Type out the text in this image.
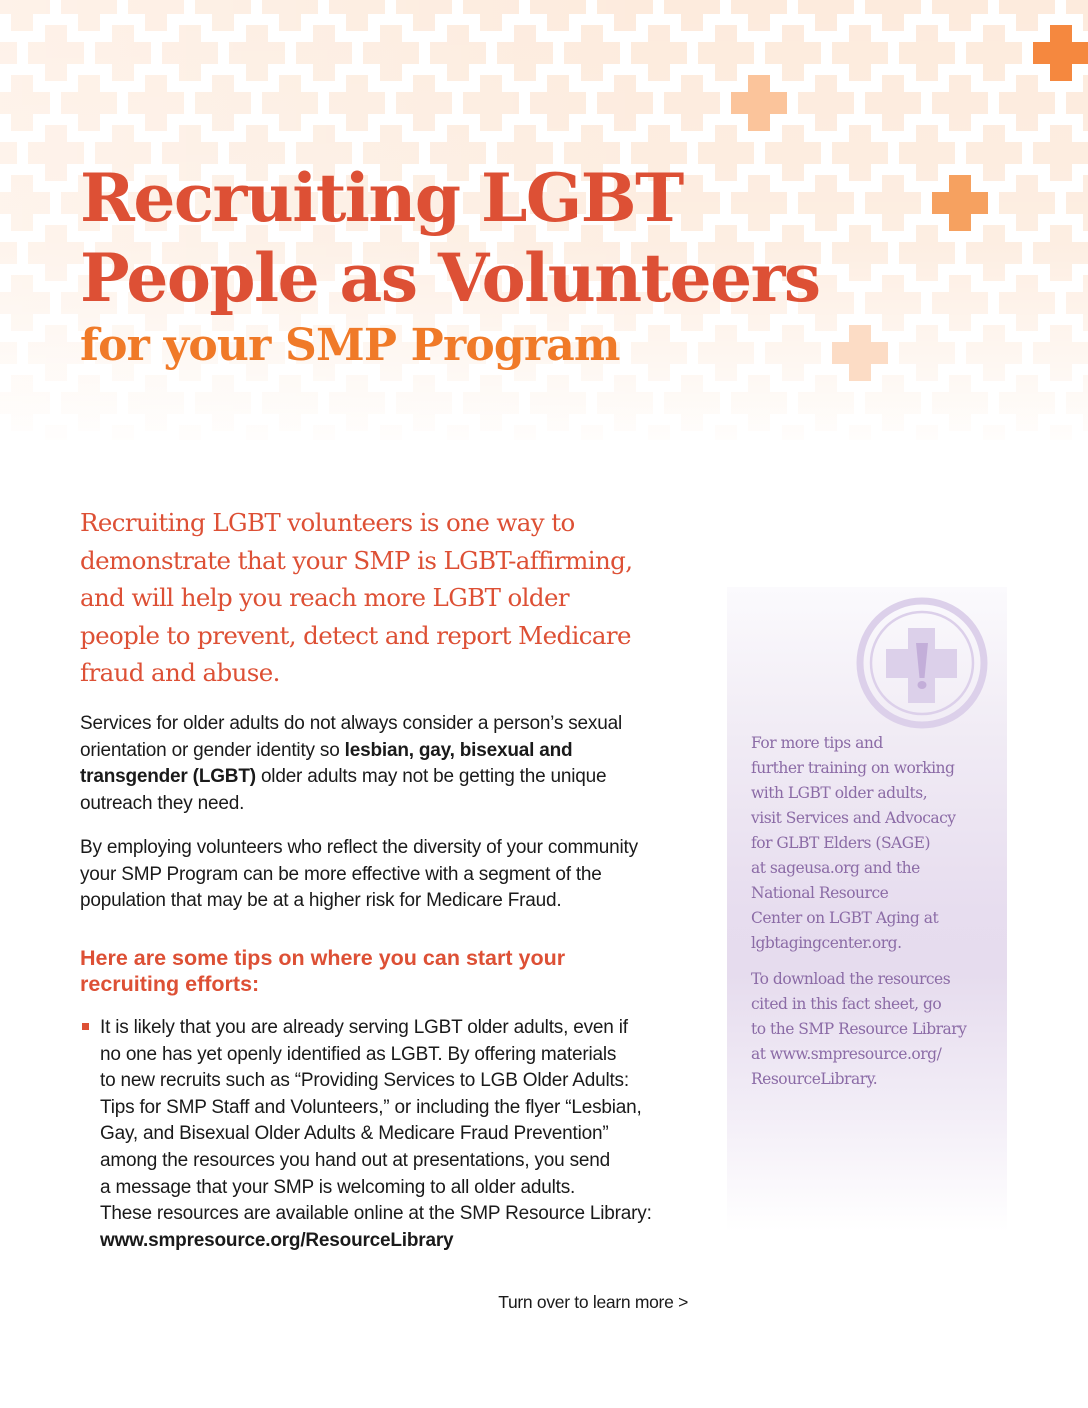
Recruiting LGBT
People as Volunteers
for your SMP Program
Recruiting LGBT volunteers is one way to
demonstrate that your SMP is LGBT-affirming,
and will help you reach more LGBT older
people to prevent, detect and report Medicare
fraud and abuse.
Services for older adults do not always consider a person’s sexual
orientation or gender identity so lesbian, gay, bisexual and
transgender (LGBT) older adults may not be getting the unique
outreach they need.
By employing volunteers who reflect the diversity of your community
your SMP Program can be more effective with a segment of the
population that may be at a higher risk for Medicare Fraud.
Here are some tips on where you can start your
recruiting efforts:
It is likely that you are already serving LGBT older adults, even if
no one has yet openly identified as LGBT. By offering materials
to new recruits such as “Providing Services to LGB Older Adults:
Tips for SMP Staff and Volunteers,” or including the flyer “Lesbian,
Gay, and Bisexual Older Adults & Medicare Fraud Prevention”
among the resources you hand out at presentations, you send
a message that your SMP is welcoming to all older adults.
These resources are available online at the SMP Resource Library:
www.smpresource.org/ResourceLibrary
Turn over to learn more >
For more tips and
further training on working
with LGBT older adults,
visit Services and Advocacy
for GLBT Elders (SAGE)
at sageusa.org and the
National Resource
Center on LGBT Aging at
lgbtagingcenter.org.
To download the resources
cited in this fact sheet, go
to the SMP Resource Library
at www.smpresource.org/
ResourceLibrary.
